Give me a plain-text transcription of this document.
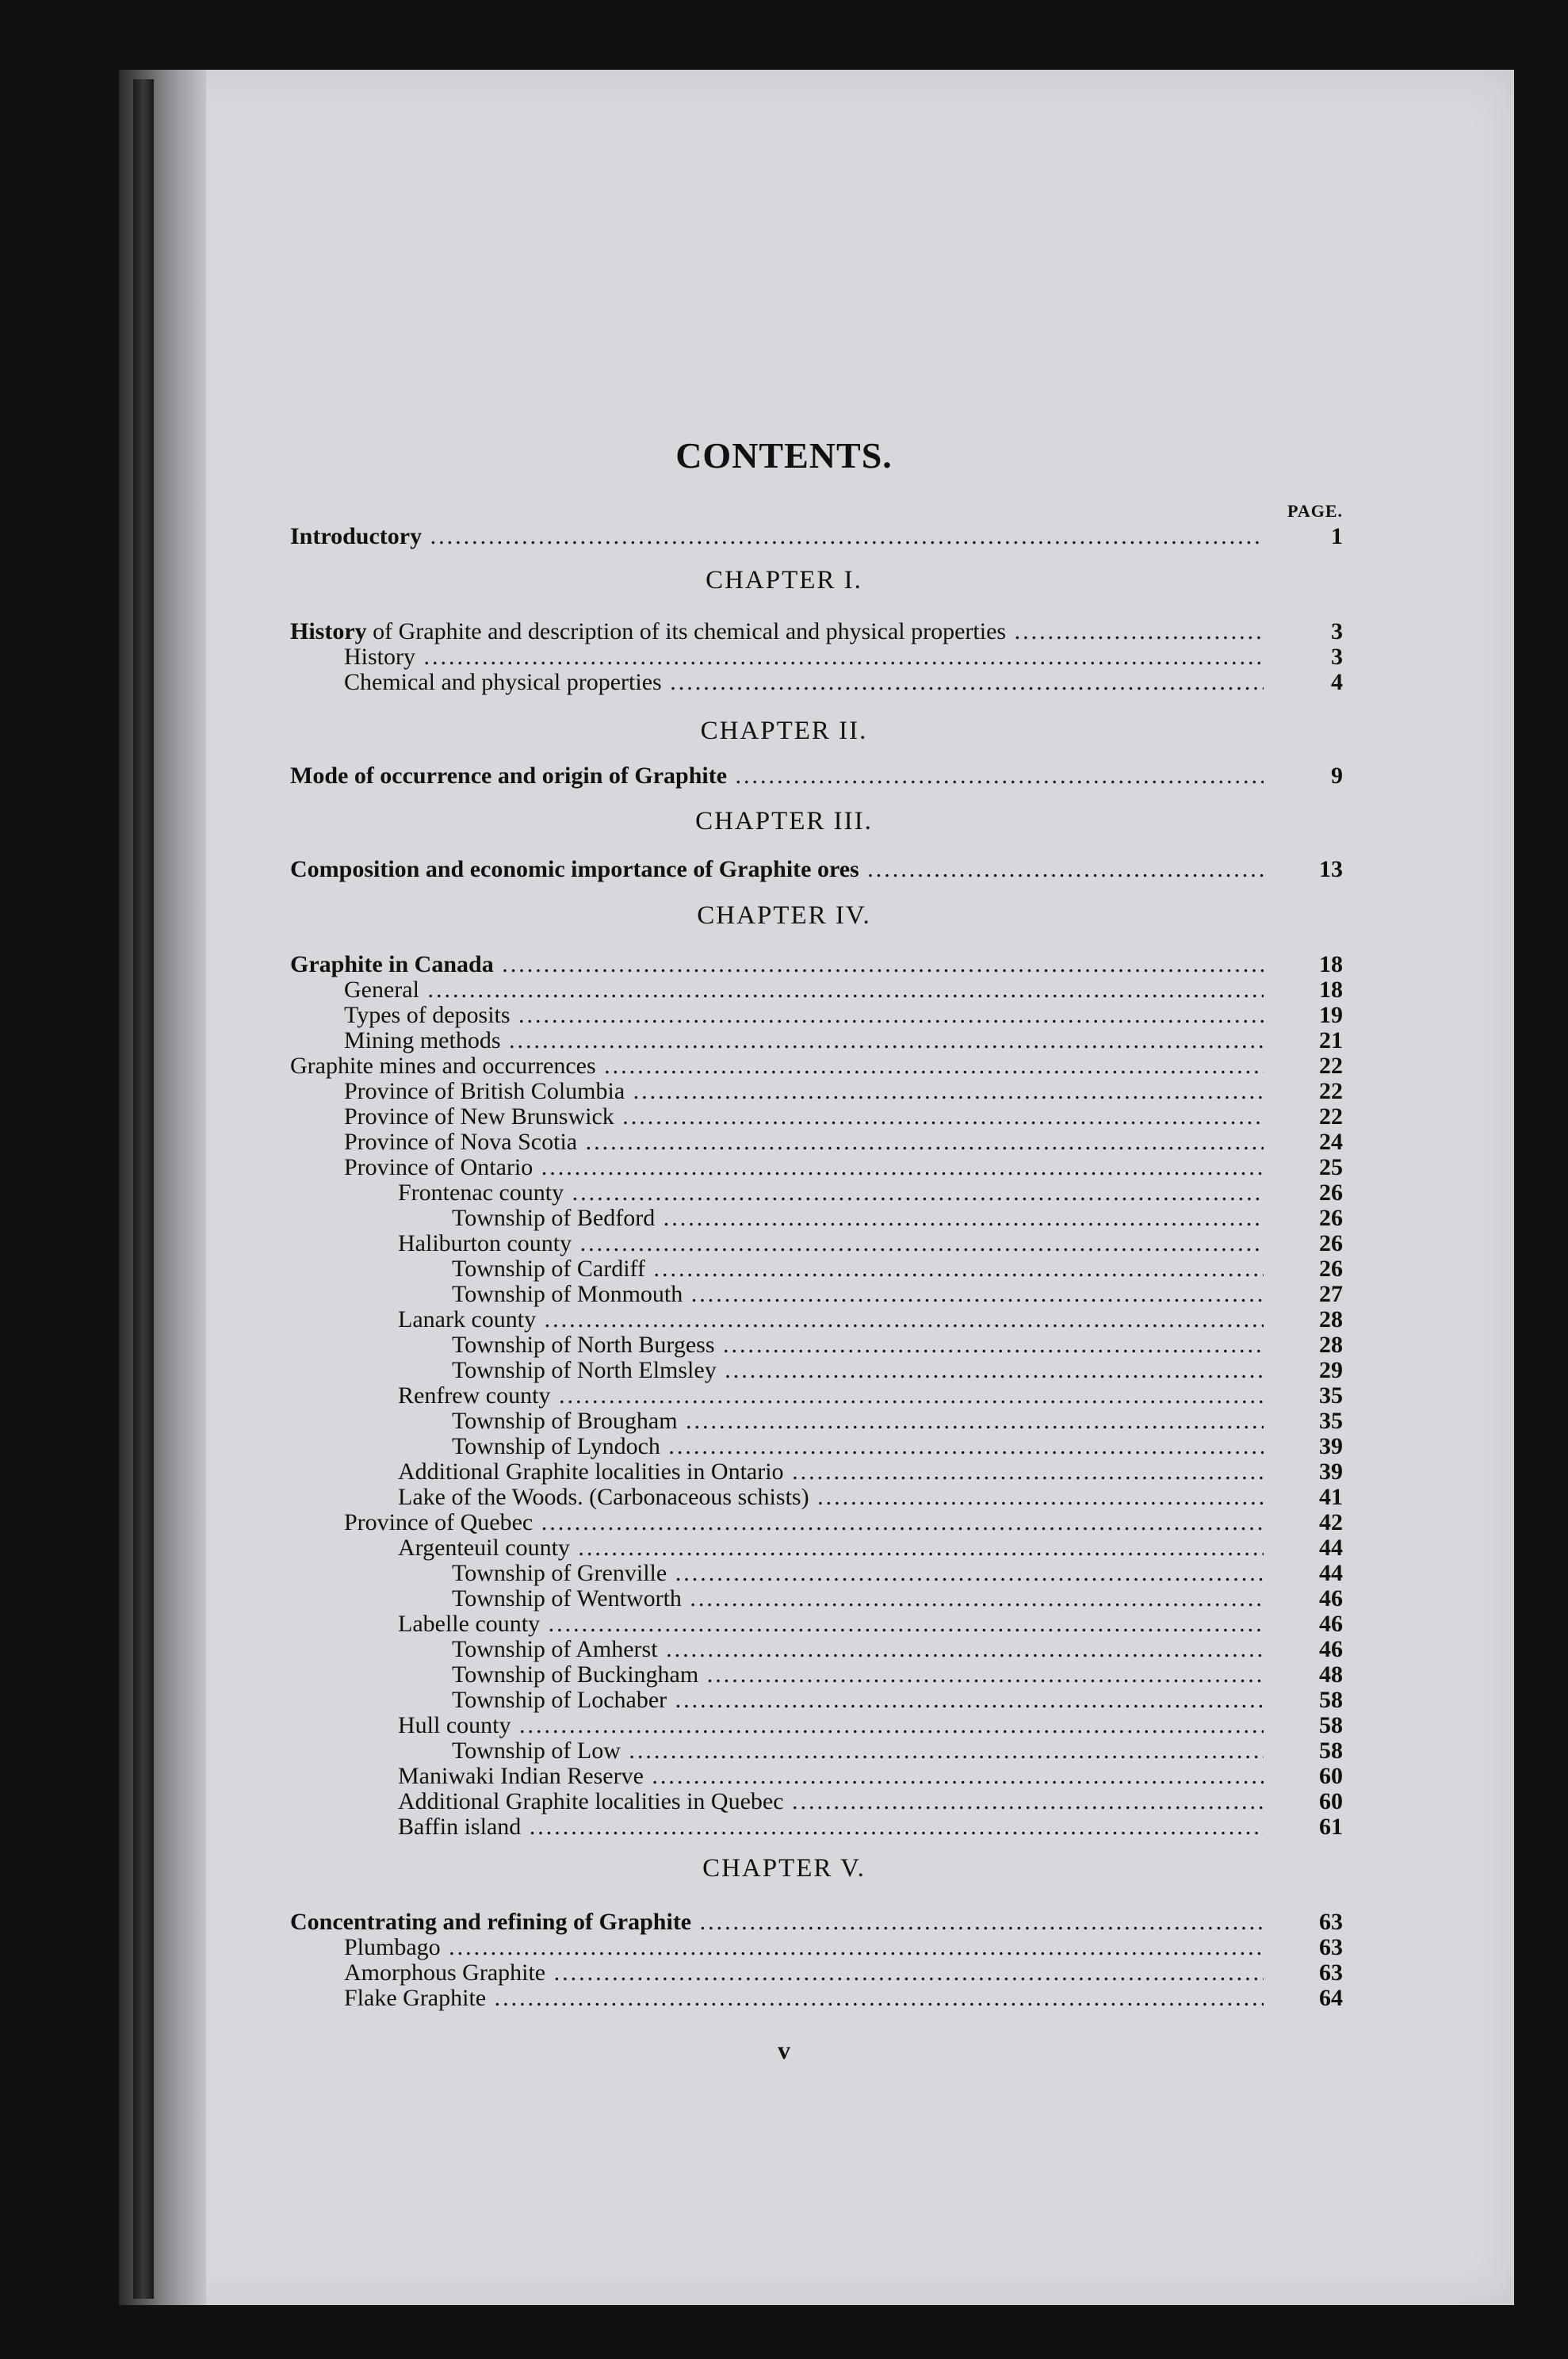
CONTENTS.
PAGE.
CHAPTER I.
CHAPTER II.
CHAPTER III.
CHAPTER IV.
CHAPTER V.
Introductory .....	1
History of Graphite and description of its chemical and physical properties .....	3
History .....	3
Chemical and physical properties .....	4
Mode of occurrence and origin of Graphite .....	9
Composition and economic importance of Graphite ores .....	13
Graphite in Canada .....	18
General .....	18
Types of deposits .....	19
Mining methods .....	21
Graphite mines and occurrences .....	22
Province of British Columbia .....	22
Province of New Brunswick .....	22
Province of Nova Scotia .....	24
Province of Ontario .....	25
Frontenac county .....	26
Township of Bedford .....	26
Haliburton county .....	26
Township of Cardiff .....	26
Township of Monmouth .....	27
Lanark county .....	28
Township of North Burgess .....	28
Township of North Elmsley .....	29
Renfrew county .....	35
Township of Brougham .....	35
Township of Lyndoch .....	39
Additional Graphite localities in Ontario .....	39
Lake of the Woods. (Carbonaceous schists) .....	41
Province of Quebec .....	42
Argenteuil county .....	44
Township of Grenville .....	44
Township of Wentworth .....	46
Labelle county .....	46
Township of Amherst .....	46
Township of Buckingham .....	48
Township of Lochaber .....	58
Hull county .....	58
Township of Low .....	58
Maniwaki Indian Reserve .....	60
Additional Graphite localities in Quebec .....	60
Baffin island .....	61
Concentrating and refining of Graphite .....	63
Plumbago .....	63
Amorphous Graphite .....	63
Flake Graphite .....	64
v
